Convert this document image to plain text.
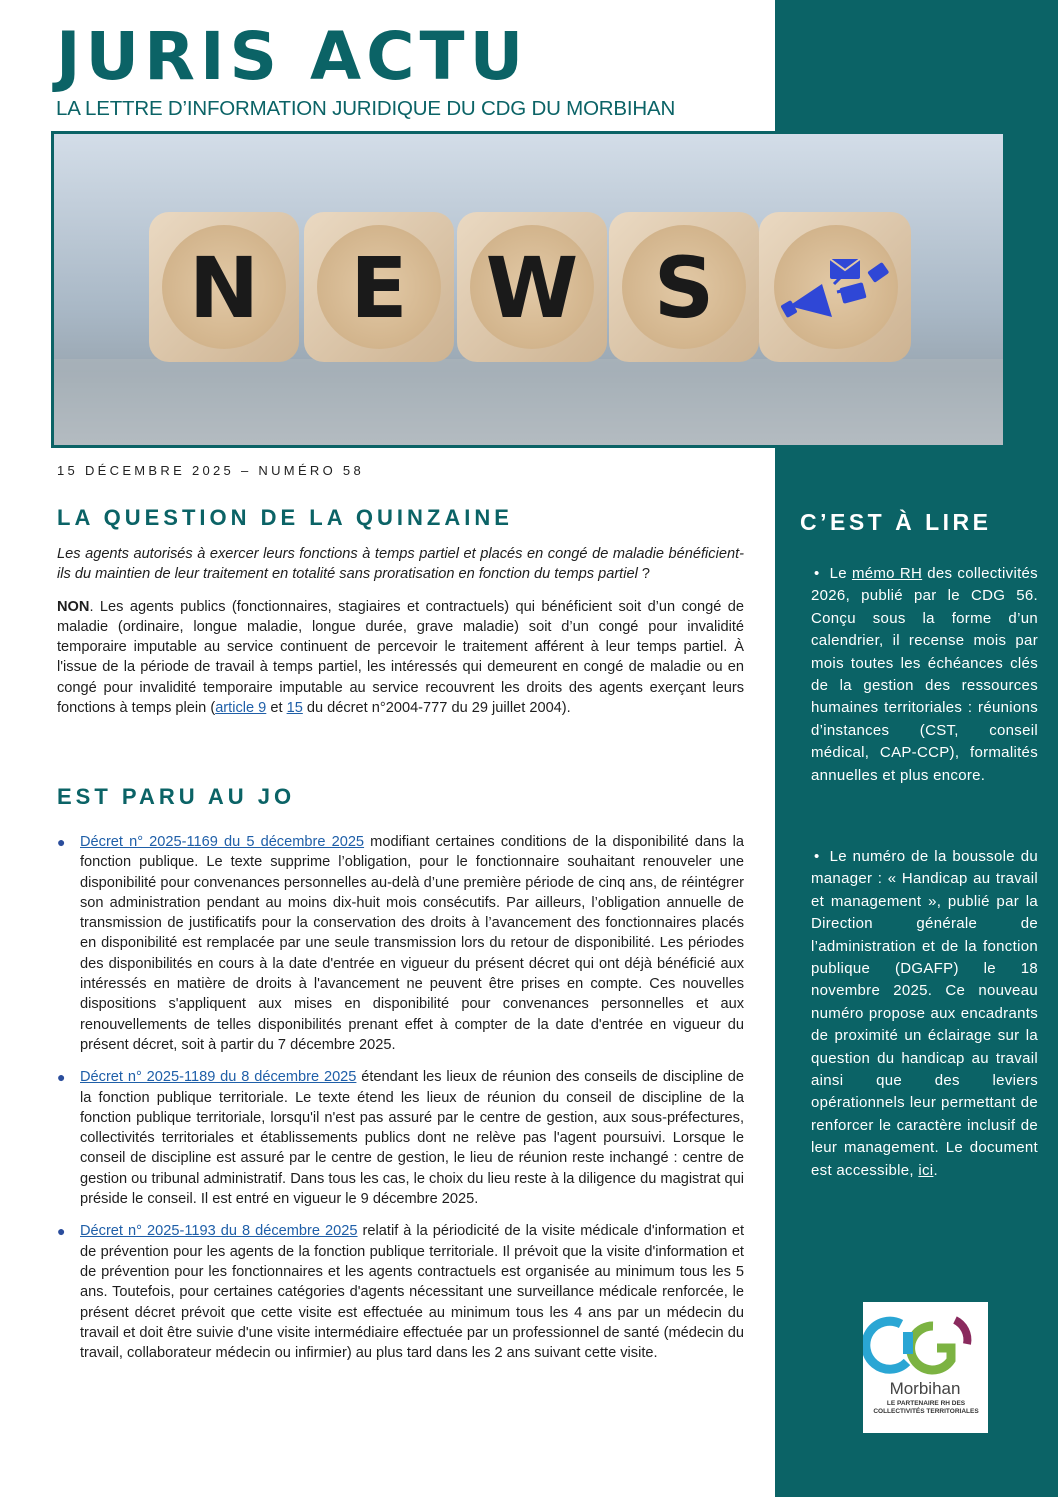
JURIS ACTU
LA LETTRE D’INFORMATION JURIDIQUE DU CDG DU MORBIHAN
N E W S
15 DÉCEMBRE 2025 – NUMÉRO 58
LA QUESTION DE LA QUINZAINE

Les agents autorisés à exercer leurs fonctions à temps partiel et placés en congé de maladie bénéficient-ils du maintien de leur traitement en totalité sans proratisation en fonction du temps partiel ?

NON. Les agents publics (fonctionnaires, stagiaires et contractuels) qui bénéficient soit d’un congé de maladie (ordinaire, longue maladie, longue durée, grave maladie) soit d’un congé pour invalidité temporaire imputable au service continuent de percevoir le traitement afférent à leur temps partiel. À l'issue de la période de travail à temps partiel, les intéressés qui demeurent en congé de maladie ou en congé pour invalidité temporaire imputable au service recouvrent les droits des agents exerçant leurs fonctions à temps plein (article 9 et 15 du décret n°2004-777 du 29 juillet 2004).

EST PARU AU JO
● Décret n° 2025-1169 du 5 décembre 2025 modifiant certaines conditions de la disponibilité dans la fonction publique. Le texte supprime l’obligation, pour le fonctionnaire souhaitant renouveler une disponibilité pour convenances personnelles au-delà d’une première période de cinq ans, de réintégrer son administration pendant au moins dix-huit mois consécutifs. Par ailleurs, l’obligation annuelle de transmission de justificatifs pour la conservation des droits à l’avancement des fonctionnaires placés en disponibilité est remplacée par une seule transmission lors du retour de disponibilité. Les périodes des disponibilités en cours à la date d'entrée en vigueur du présent décret qui ont déjà bénéficié aux intéressés en matière de droits à l'avancement ne peuvent être prises en compte. Ces nouvelles dispositions s'appliquent aux mises en disponibilité pour convenances personnelles et aux renouvellements de telles disponibilités prenant effet à compter de la date d'entrée en vigueur du présent décret, soit à partir du 7 décembre 2025.
● Décret n° 2025-1189 du 8 décembre 2025 étendant les lieux de réunion des conseils de discipline de la fonction publique territoriale. Le texte étend les lieux de réunion du conseil de discipline de la fonction publique territoriale, lorsqu'il n'est pas assuré par le centre de gestion, aux sous-préfectures, collectivités territoriales et établissements publics dont ne relève pas l'agent poursuivi. Lorsque le conseil de discipline est assuré par le centre de gestion, le lieu de réunion reste inchangé : centre de gestion ou tribunal administratif. Dans tous les cas, le choix du lieu reste à la diligence du magistrat qui préside le conseil. Il est entré en vigueur le 9 décembre 2025.
● Décret n° 2025-1193 du 8 décembre 2025 relatif à la périodicité de la visite médicale d'information et de prévention pour les agents de la fonction publique territoriale. Il prévoit que la visite d'information et de prévention pour les fonctionnaires et les agents contractuels est organisée au minimum tous les 5 ans. Toutefois, pour certaines catégories d'agents nécessitant une surveillance médicale renforcée, le présent décret prévoit que cette visite est effectuée au minimum tous les 4 ans par un médecin du travail et doit être suivie d'une visite intermédiaire effectuée par un professionnel de santé (médecin du travail, collaborateur médecin ou infirmier) au plus tard dans les 2 ans suivant cette visite.
C’EST À LIRE
• Le mémo RH des collectivités 2026, publié par le CDG 56. Conçu sous la forme d’un calendrier, il recense mois par mois toutes les échéances clés de la gestion des ressources humaines territoriales : réunions d’instances (CST, conseil médical, CAP-CCP), formalités annuelles et plus encore.
• Le numéro de la boussole du manager : « Handicap au travail et management », publié par la Direction générale de l’administration et de la fonction publique (DGAFP) le 18 novembre 2025. Ce nouveau numéro propose aux encadrants de proximité un éclairage sur la question du handicap au travail ainsi que des leviers opérationnels leur permettant de renforcer le caractère inclusif de leur management. Le document est accessible, ici.
Morbihan
LE PARTENAIRE RH DES COLLECTIVITÉS TERRITORIALES
